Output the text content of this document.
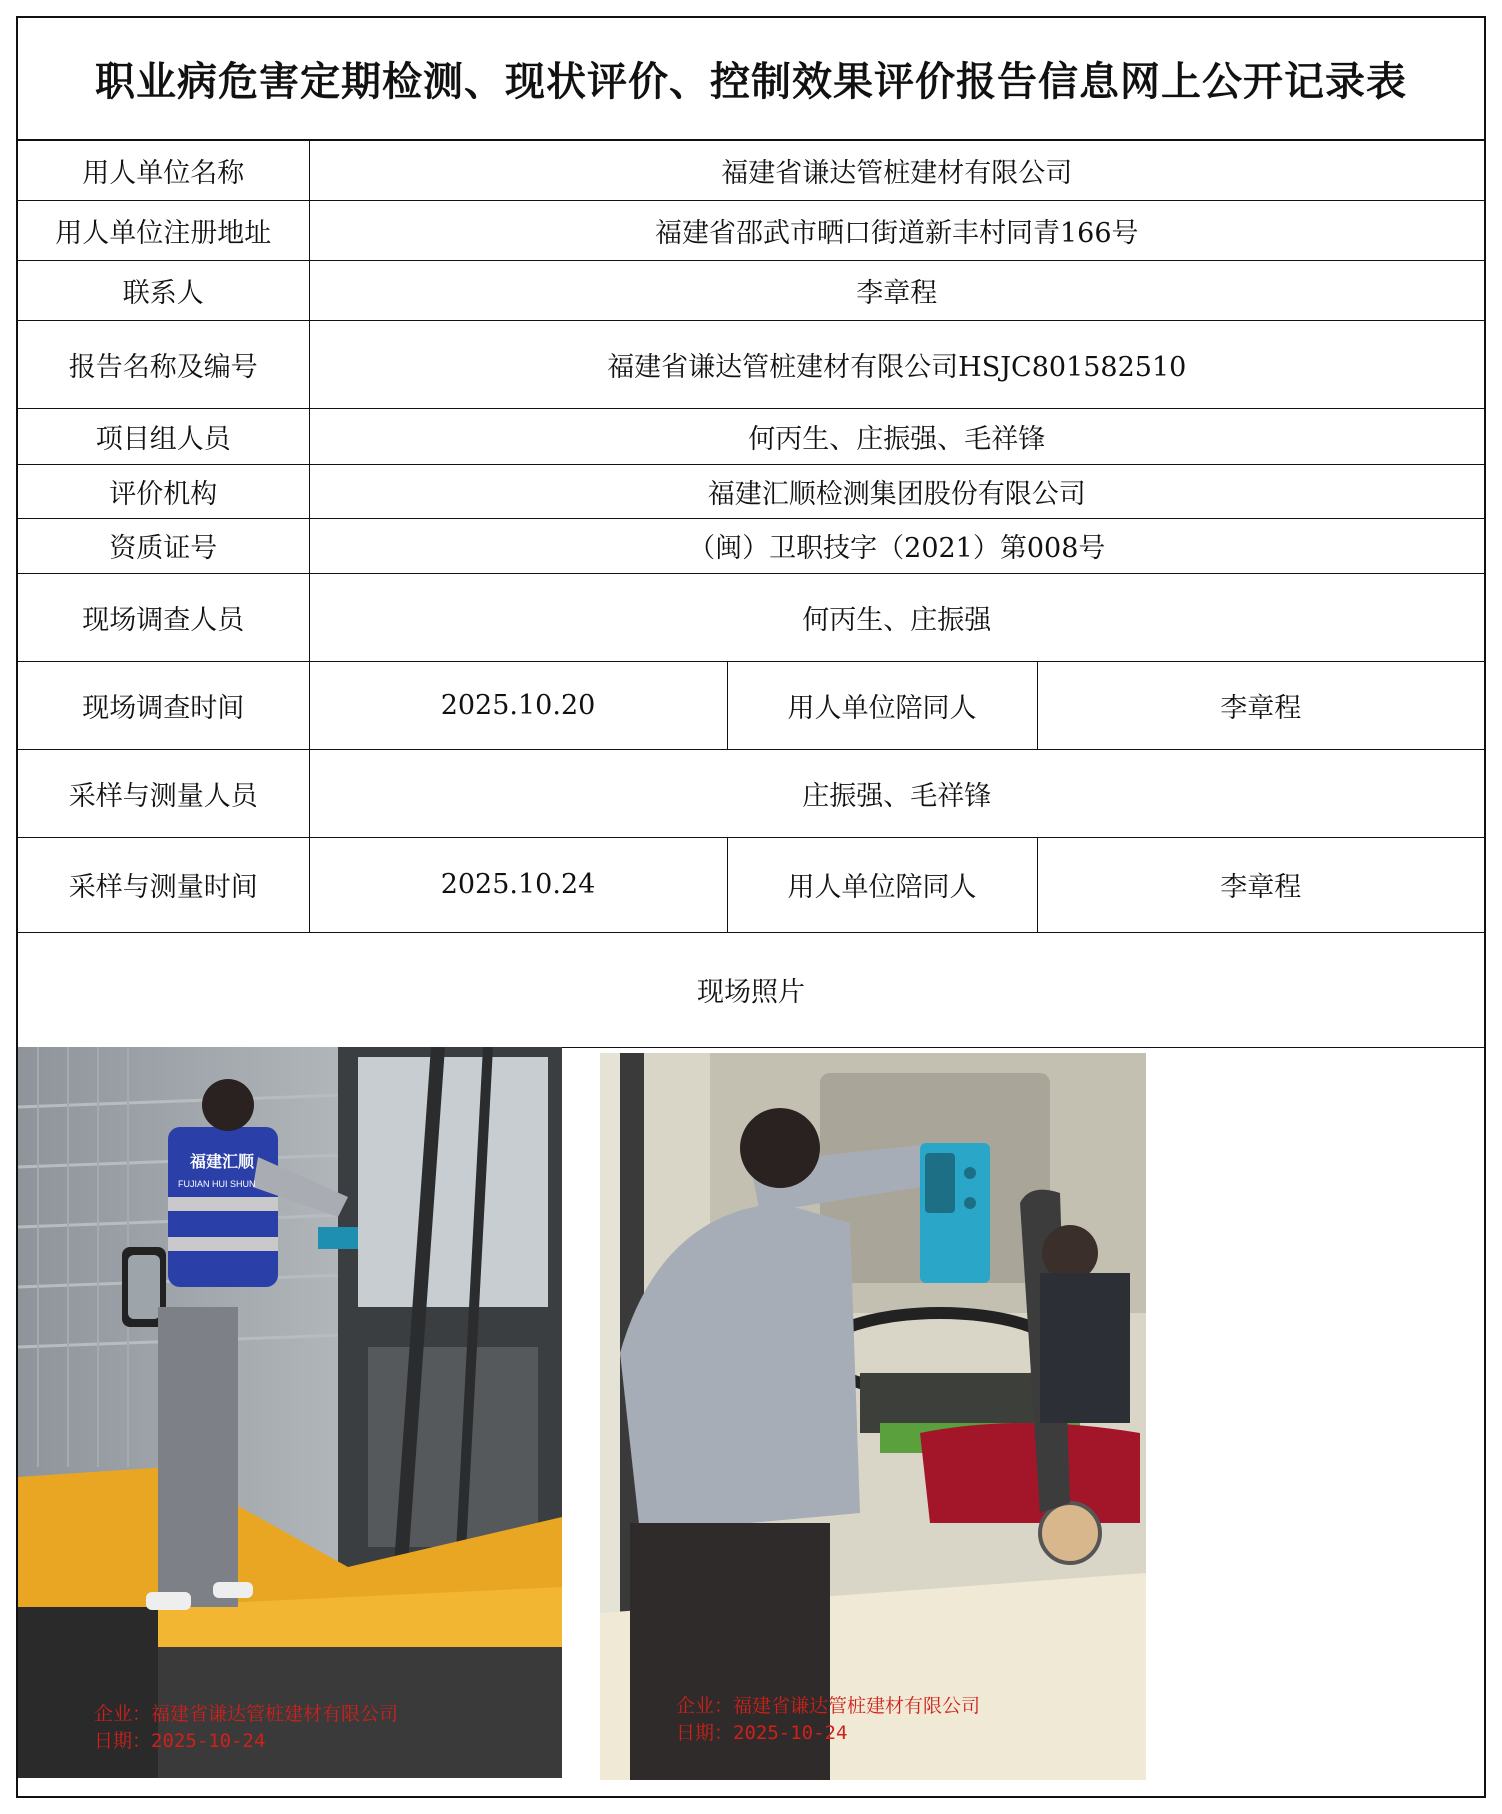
职业病危害定期检测、现状评价、控制效果评价报告信息网上公开记录表
用人单位名称	福建省谦达管桩建材有限公司		
用人单位注册地址	福建省邵武市晒口街道新丰村同青166号		
联系人	李章程		
报告名称及编号	福建省谦达管桩建材有限公司HSJC801582510		
项目组人员	何丙生、庄振强、毛祥锋		
评价机构	福建汇顺检测集团股份有限公司		
资质证号	（闽）卫职技字（2021）第008号		
现场调查人员	何丙生、庄振强		
现场调查时间	2025.10.20	用人单位陪同人	李章程
采样与测量人员	庄振强、毛祥锋		
采样与测量时间	2025.10.24	用人单位陪同人	李章程
现场照片			
福建汇顺
FUJIAN HUI SHUN
企业：福建省谦达管桩建材有限公司
日期：2025-10-24
企业：福建省谦达管桩建材有限公司
日期：2025-10-24
